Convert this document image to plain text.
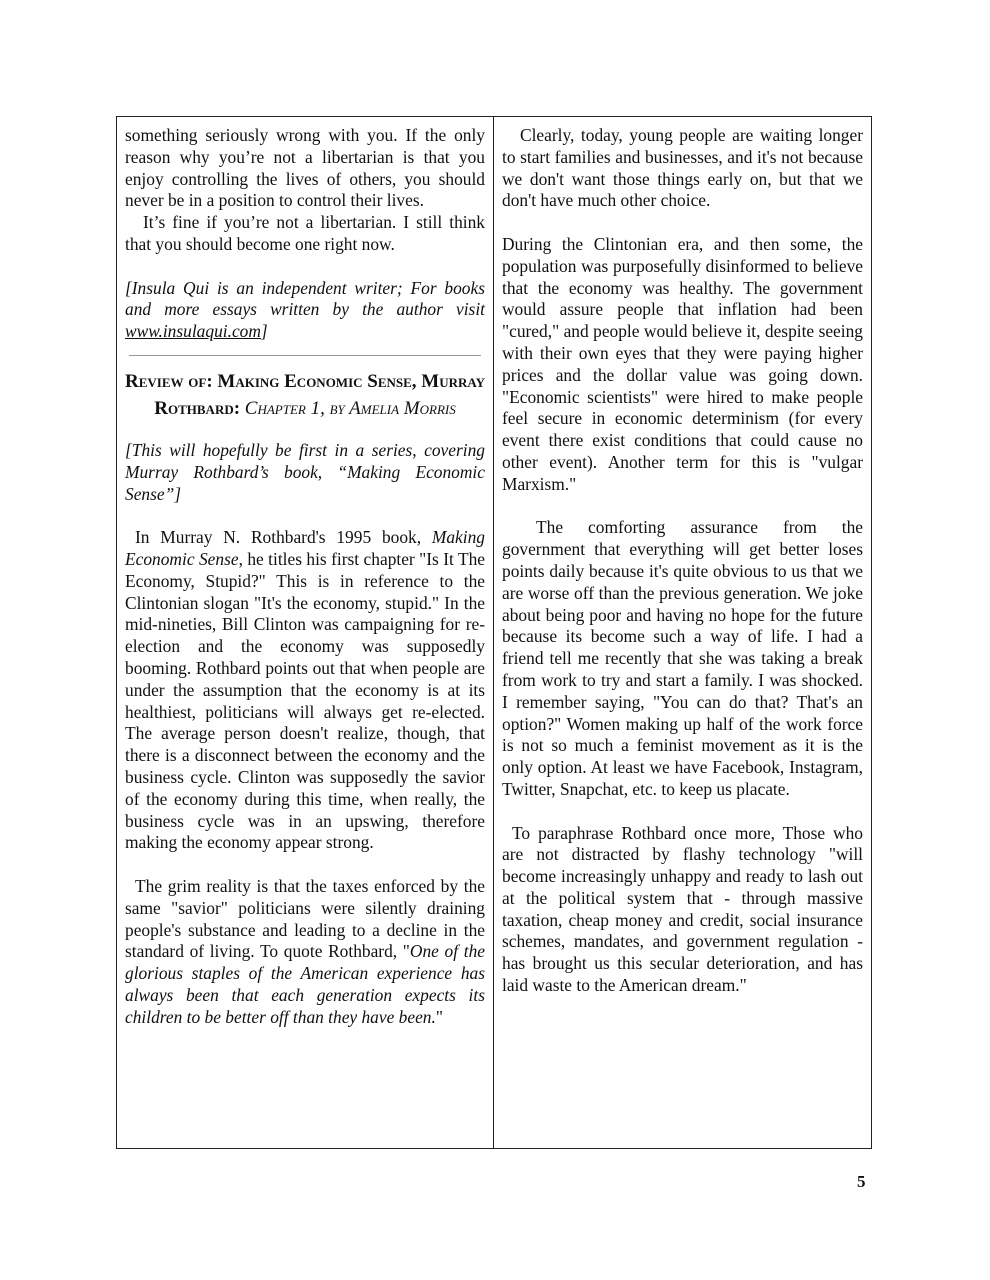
something seriously wrong with you. If the only reason why you’re not a libertarian is that you enjoy controlling the lives of others, you should never be in a position to control their lives.

It’s fine if you’re not a libertarian. I still think that you should become one right now.

[Insula Qui is an independent writer; For books and more essays written by the author visit www.insulaqui.com]

Review of: Making Economic Sense, Murray Rothbard: Chapter 1, by Amelia Morris

[This will hopefully be first in a series, covering Murray Rothbard’s book, “Making Economic Sense”]

In Murray N. Rothbard's 1995 book, Making Economic Sense, he titles his first chapter "Is It The Economy, Stupid?" This is in reference to the Clintonian slogan "It's the economy, stupid." In the mid-nineties, Bill Clinton was campaigning for re-election and the economy was supposedly booming. Rothbard points out that when people are under the assumption that the economy is at its healthiest, politicians will always get re-elected. The average person doesn't realize, though, that there is a disconnect between the economy and the business cycle. Clinton was supposedly the savior of the economy during this time, when really, the business cycle was in an upswing, therefore making the economy appear strong.

The grim reality is that the taxes enforced by the same "savior" politicians were silently draining people's substance and leading to a decline in the standard of living. To quote Rothbard, "One of the glorious staples of the American experience has always been that each generation expects its children to be better off than they have been."

Clearly, today, young people are waiting longer to start families and businesses, and it's not because we don't want those things early on, but that we don't have much other choice.

During the Clintonian era, and then some, the population was purposefully disinformed to believe that the economy was healthy. The government would assure people that inflation had been "cured," and people would believe it, despite seeing with their own eyes that they were paying higher prices and the dollar value was going down. "Economic scientists" were hired to make people feel secure in economic determinism (for every event there exist conditions that could cause no other event). Another term for this is "vulgar Marxism."

The comforting assurance from the government that everything will get better loses points daily because it's quite obvious to us that we are worse off than the previous generation. We joke about being poor and having no hope for the future because its become such a way of life. I had a friend tell me recently that she was taking a break from work to try and start a family. I was shocked. I remember saying, "You can do that? That's an option?" Women making up half of the work force is not so much a feminist movement as it is the only option. At least we have Facebook, Instagram, Twitter, Snapchat, etc. to keep us placate.

To paraphrase Rothbard once more, Those who are not distracted by flashy technology "will become increasingly unhappy and ready to lash out at the political system that - through massive taxation, cheap money and credit, social insurance schemes, mandates, and government regulation - has brought us this secular deterioration, and has laid waste to the American dream."

5
